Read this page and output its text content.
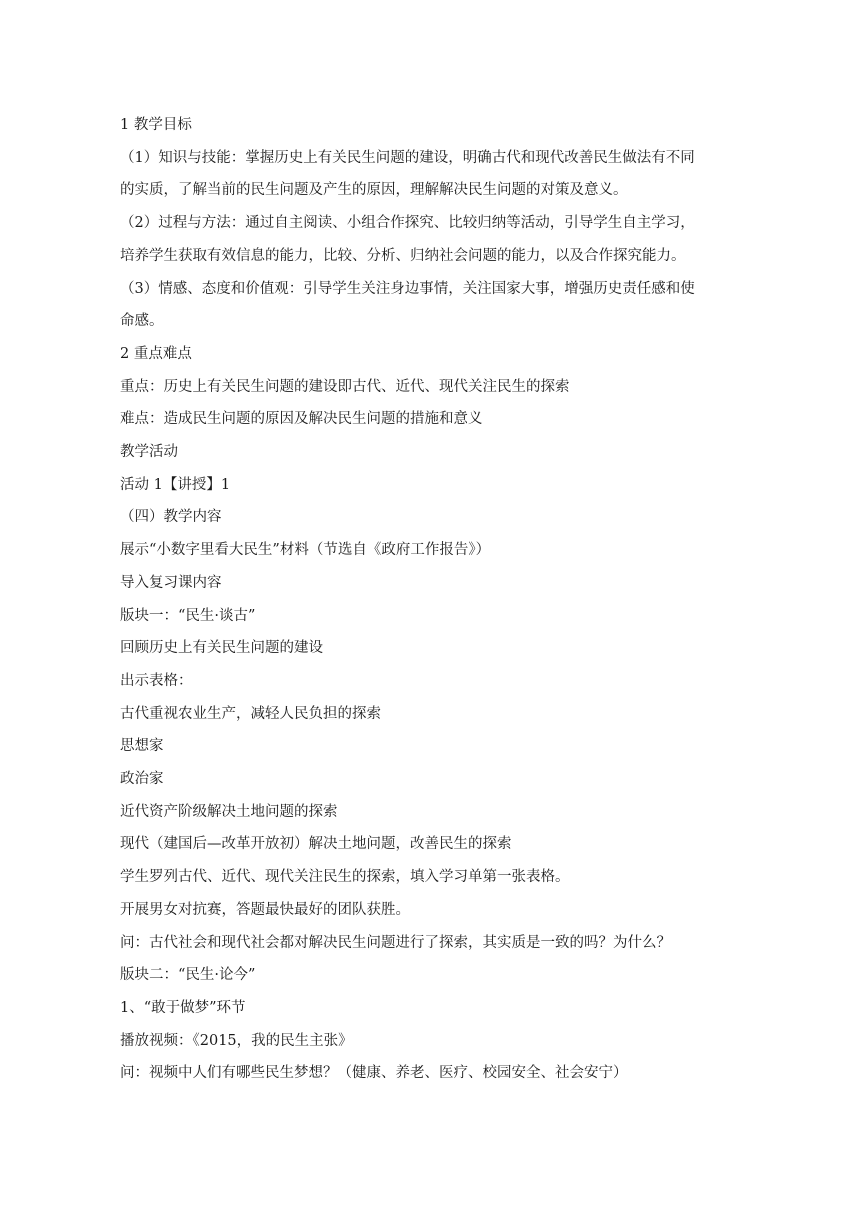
1 教学目标
（1）知识与技能：掌握历史上有关民生问题的建设，明确古代和现代改善民生做法有不同
的实质，了解当前的民生问题及产生的原因，理解解决民生问题的对策及意义。
（2）过程与方法：通过自主阅读、小组合作探究、比较归纳等活动，引导学生自主学习，
培养学生获取有效信息的能力，比较、分析、归纳社会问题的能力，以及合作探究能力。
（3）情感、态度和价值观：引导学生关注身边事情，关注国家大事，增强历史责任感和使
命感。
2 重点难点
重点：历史上有关民生问题的建设即古代、近代、现代关注民生的探索
难点：造成民生问题的原因及解决民生问题的措施和意义
教学活动
活动 1【讲授】1
（四）教学内容
展示“小数字里看大民生”材料（节选自《政府工作报告》）
导入复习课内容
版块一：“民生·谈古”
回顾历史上有关民生问题的建设
出示表格：
古代重视农业生产，减轻人民负担的探索
思想家
政治家
近代资产阶级解决土地问题的探索
现代（建国后—改革开放初）解决土地问题，改善民生的探索
学生罗列古代、近代、现代关注民生的探索，填入学习单第一张表格。
开展男女对抗赛，答题最快最好的团队获胜。
问：古代社会和现代社会都对解决民生问题进行了探索，其实质是一致的吗？为什么？
版块二：“民生·论今”
1、“敢于做梦”环节
播放视频：《2015，我的民生主张》
问：视频中人们有哪些民生梦想？（健康、养老、医疗、校园安全、社会安宁）
